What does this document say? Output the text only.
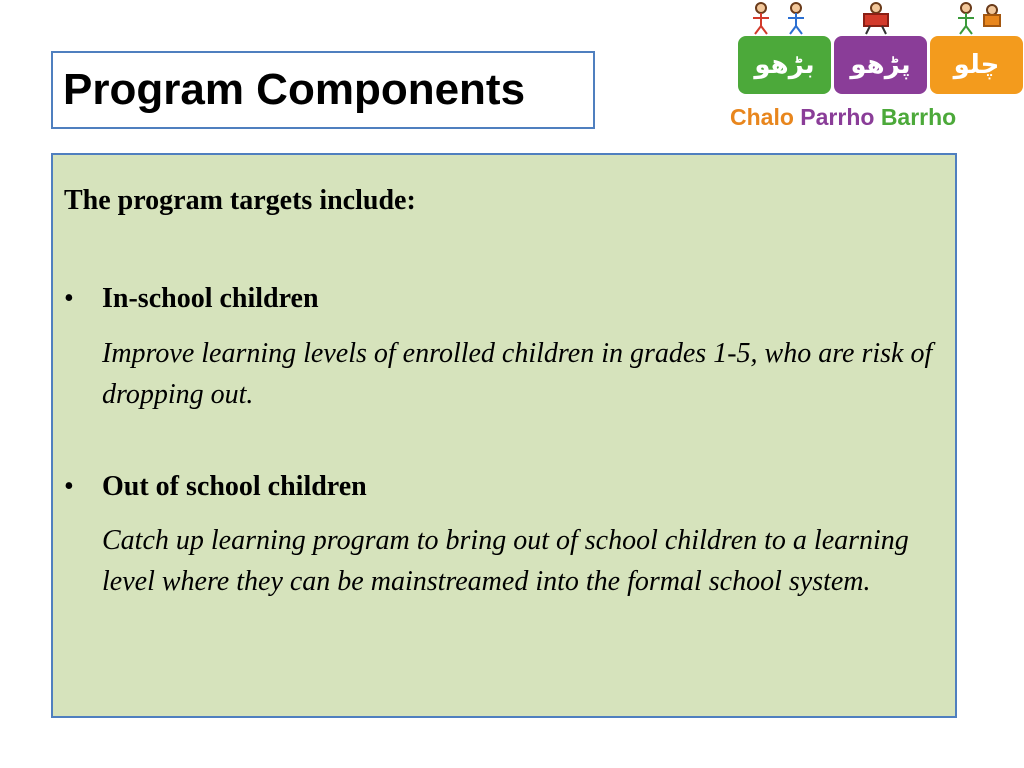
Program Components	بڑھو	پڑھو	چلو
Chalo Parrho Barrho

The program targets include:

• In-school children

Improve learning levels of enrolled children in grades 1-5, who are risk of dropping out.

• Out of school children

Catch up learning program to bring out of school children to a learning level where they can be mainstreamed into the formal school system.
